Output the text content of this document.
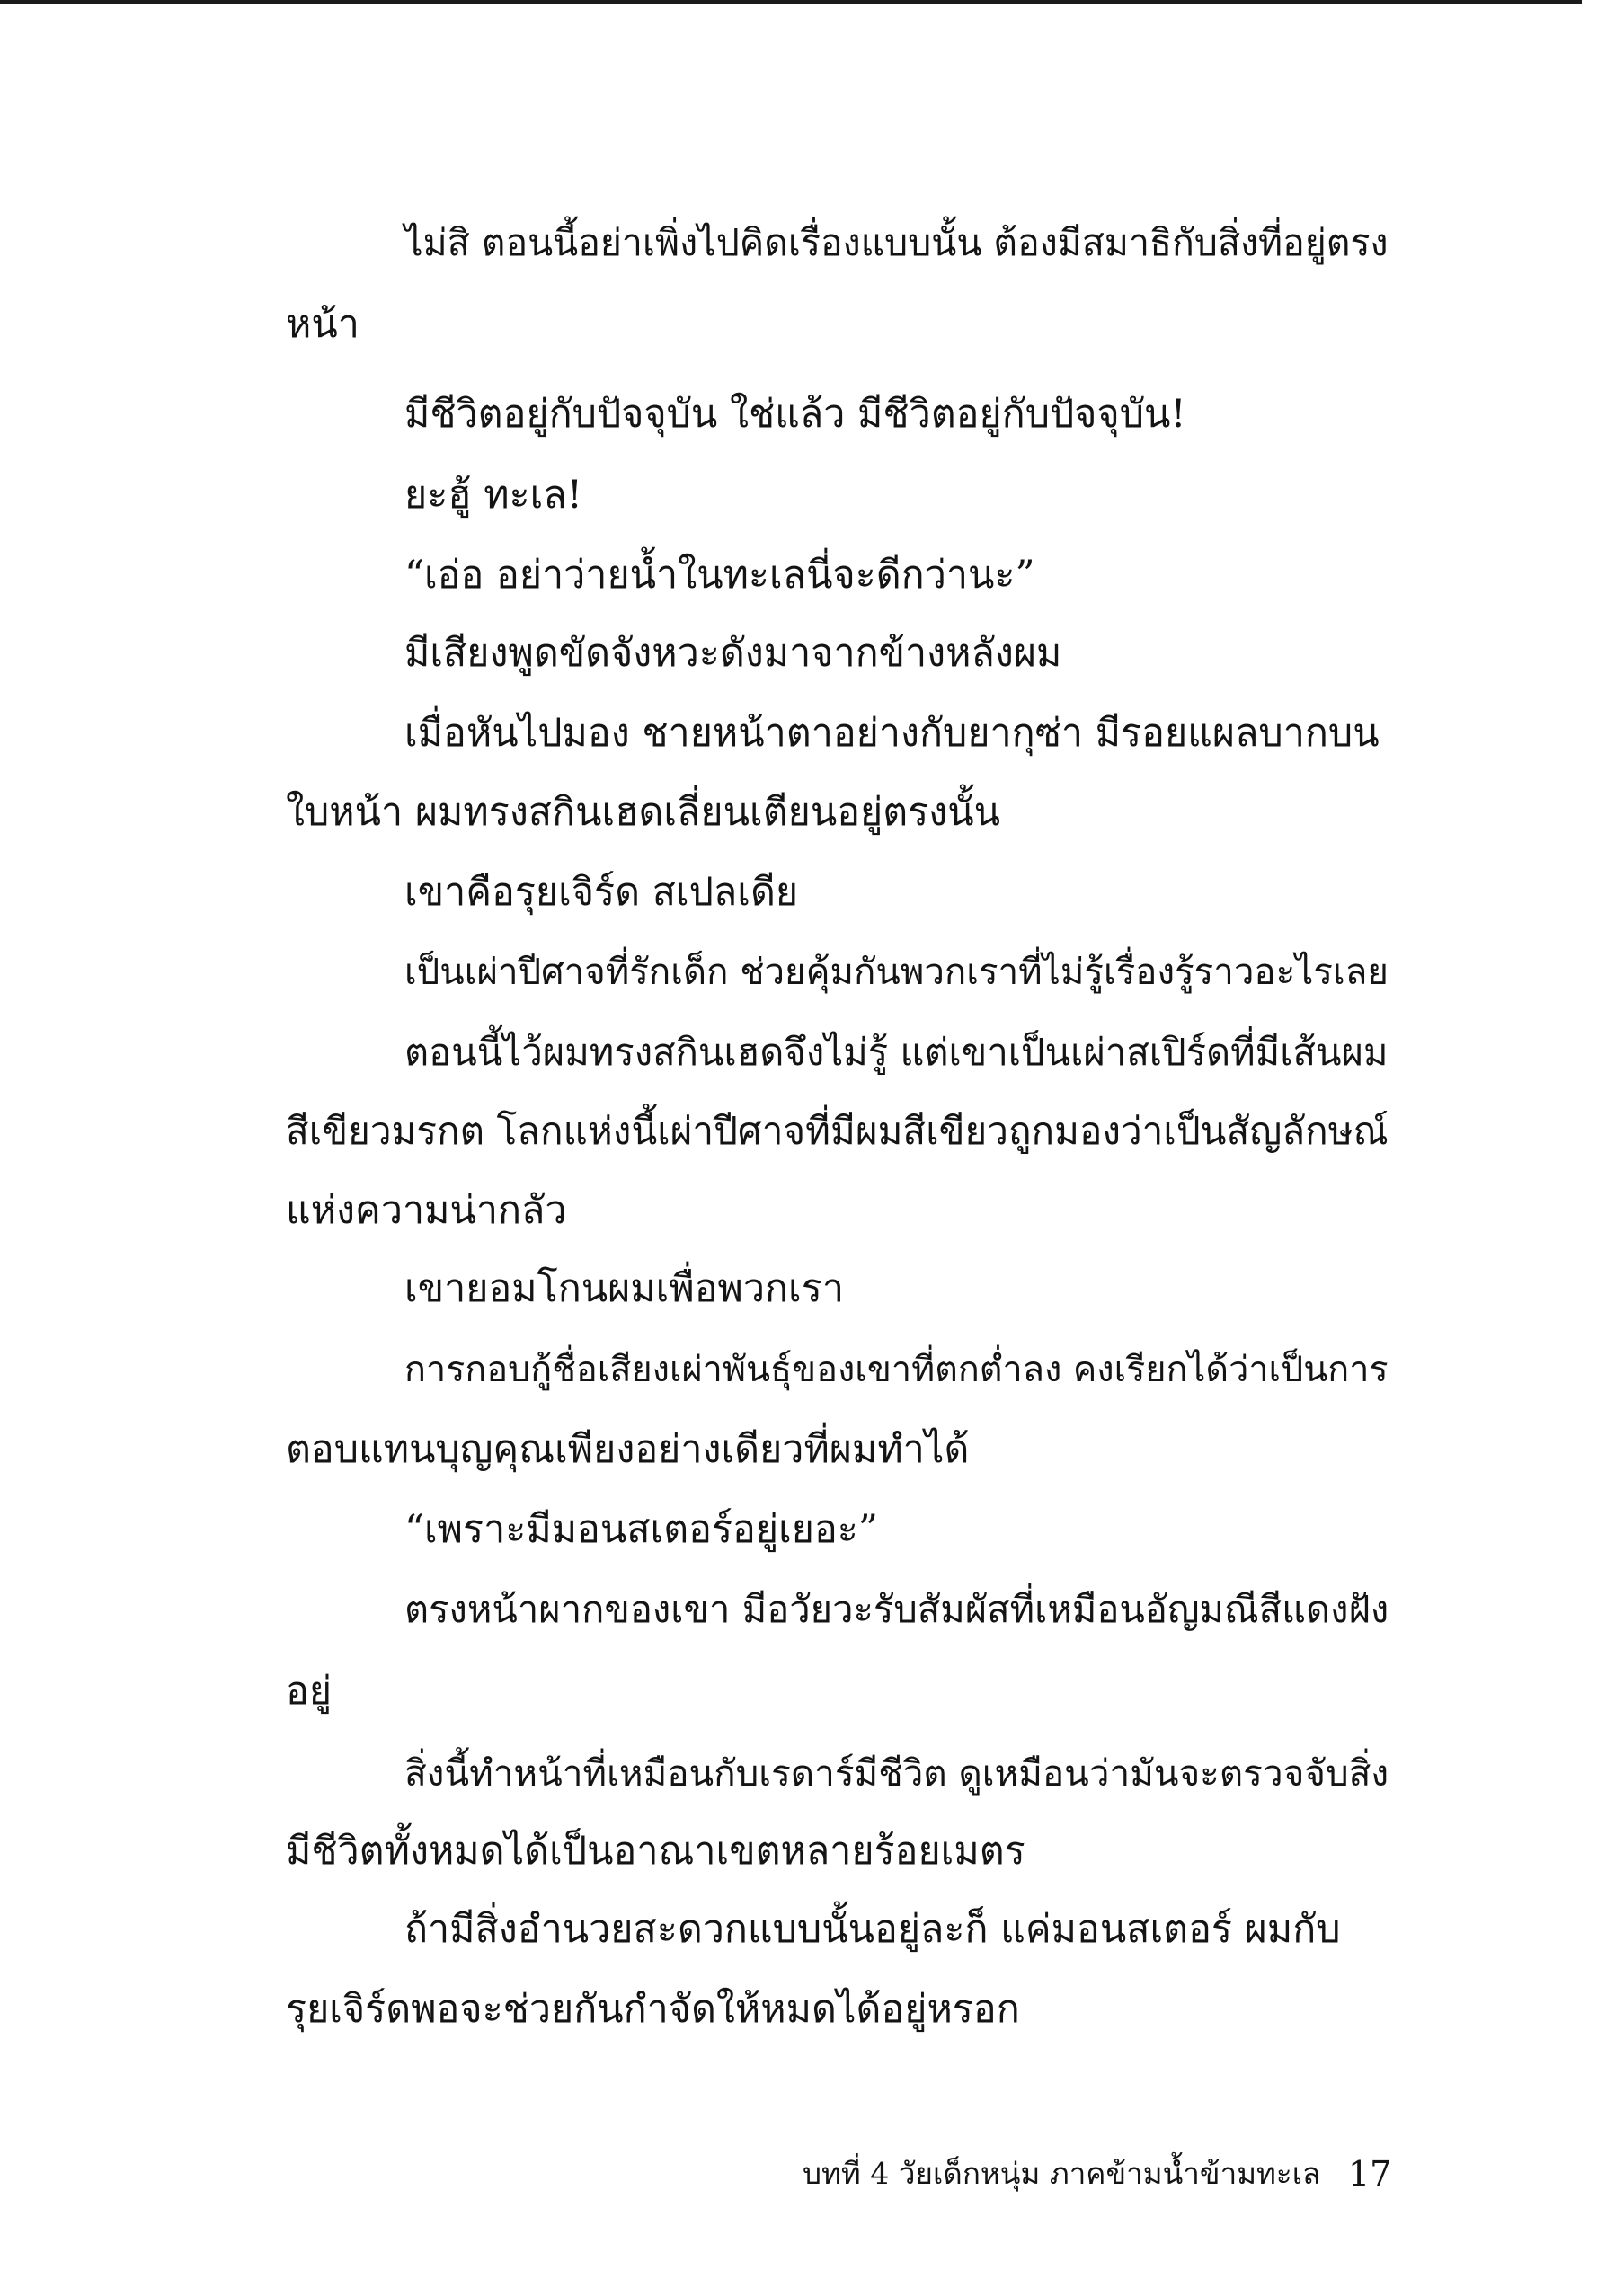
ไม่สิ ตอนนี้อย่าเพิ่งไปคิดเรื่องแบบนั้น ต้องมีสมาธิกับสิ่งที่อยู่ตรง
หน้า
มีชีวิตอยู่กับปัจจุบัน ใช่แล้ว มีชีวิตอยู่กับปัจจุบัน!
ยะฮู้ ทะเล!
“เอ่อ อย่าว่ายน้ำในทะเลนี่จะดีกว่านะ”
มีเสียงพูดขัดจังหวะดังมาจากข้างหลังผม
เมื่อหันไปมอง ชายหน้าตาอย่างกับยากุซ่า มีรอยแผลบากบน
ใบหน้า ผมทรงสกินเฮดเลี่ยนเตียนอยู่ตรงนั้น
เขาคือรุยเจิร์ด สเปลเดีย
เป็นเผ่าปีศาจที่รักเด็ก ช่วยคุ้มกันพวกเราที่ไม่รู้เรื่องรู้ราวอะไรเลย
ตอนนี้ไว้ผมทรงสกินเฮดจึงไม่รู้ แต่เขาเป็นเผ่าสเปิร์ดที่มีเส้นผม
สีเขียวมรกต โลกแห่งนี้เผ่าปีศาจที่มีผมสีเขียวถูกมองว่าเป็นสัญลักษณ์
แห่งความน่ากลัว
เขายอมโกนผมเพื่อพวกเรา
การกอบกู้ชื่อเสียงเผ่าพันธุ์ของเขาที่ตกต่ำลง คงเรียกได้ว่าเป็นการ
ตอบแทนบุญคุณเพียงอย่างเดียวที่ผมทำได้
“เพราะมีมอนสเตอร์อยู่เยอะ”
ตรงหน้าผากของเขา มีอวัยวะรับสัมผัสที่เหมือนอัญมณีสีแดงฝัง
อยู่
สิ่งนี้ทำหน้าที่เหมือนกับเรดาร์มีชีวิต ดูเหมือนว่ามันจะตรวจจับสิ่ง
มีชีวิตทั้งหมดได้เป็นอาณาเขตหลายร้อยเมตร
ถ้ามีสิ่งอำนวยสะดวกแบบนั้นอยู่ละก็ แค่มอนสเตอร์ ผมกับ
รุยเจิร์ดพอจะช่วยกันกำจัดให้หมดได้อยู่หรอก
บทที่ 4 วัยเด็กหนุ่ม ภาคข้ามน้ำข้ามทะเล 17
